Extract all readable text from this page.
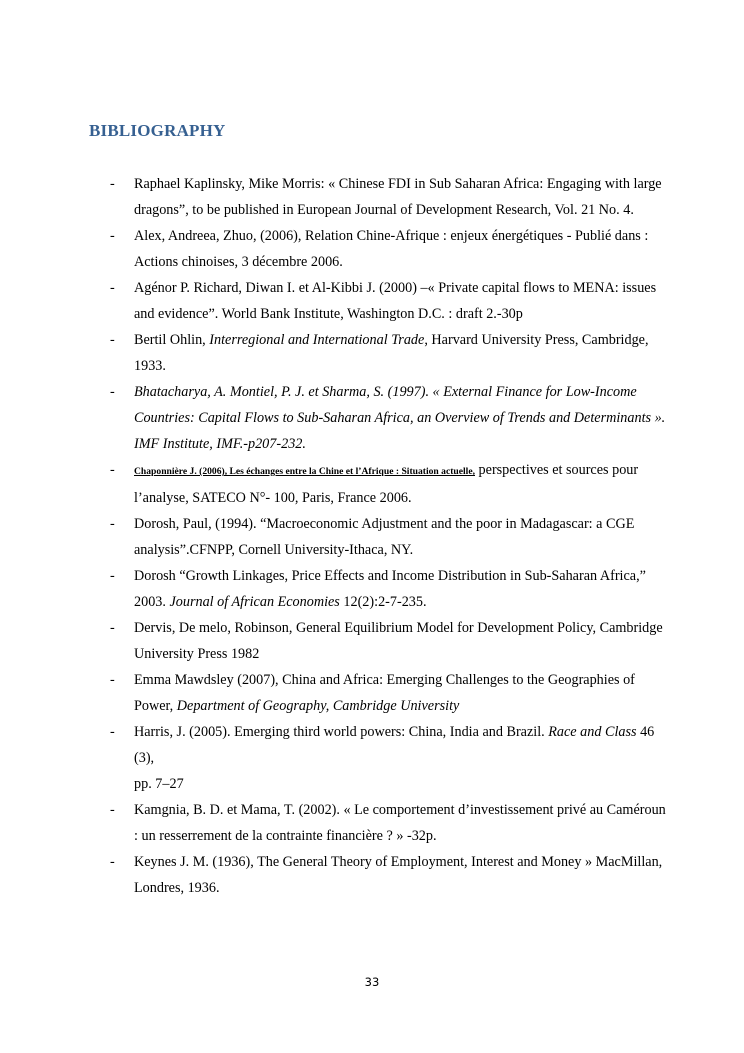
BIBLIOGRAPHY
- Raphael Kaplinsky, Mike Morris: « Chinese FDI in Sub Saharan Africa: Engaging with large dragons”, to be published in European Journal of Development Research, Vol. 21 No. 4.
- Alex, Andreea, Zhuo, (2006), Relation Chine-Afrique : enjeux énergétiques - Publié dans : Actions chinoises, 3 décembre 2006.
- Agénor P. Richard, Diwan I. et Al-Kibbi J. (2000) –« Private capital flows to MENA: issues and evidence”. World Bank Institute, Washington D.C. : draft 2.-30p
- Bertil Ohlin, Interregional and International Trade, Harvard University Press, Cambridge, 1933.
- Bhatacharya, A. Montiel, P. J. et Sharma, S. (1997). « External Finance for Low-Income Countries: Capital Flows to Sub-Saharan Africa, an Overview of Trends and Determinants ». IMF Institute, IMF.-p207-232.
- Chaponnière J. (2006), Les échanges entre la Chine et l’Afrique : Situation actuelle, perspectives et sources pour l’analyse, SATECO N°- 100, Paris, France 2006.
- Dorosh, Paul, (1994). “Macroeconomic Adjustment and the poor in Madagascar: a CGE analysis”.CFNPP, Cornell University-Ithaca, NY.
- Dorosh “Growth Linkages, Price Effects and Income Distribution in Sub-Saharan Africa,” 2003. Journal of African Economies 12(2):2-7-235.
- Dervis, De melo, Robinson, General Equilibrium Model for Development Policy, Cambridge University Press 1982
- Emma Mawdsley (2007), China and Africa: Emerging Challenges to the Geographies of Power, Department of Geography, Cambridge University
- Harris, J. (2005). Emerging third world powers: China, India and Brazil. Race and Class 46 (3),
pp. 7–27
- Kamgnia, B. D. et Mama, T. (2002). « Le comportement d’investissement privé au Caméroun : un resserrement de la contrainte financière ? » -32p.
- Keynes J. M. (1936), The General Theory of Employment, Interest and Money » MacMillan, Londres, 1936.
33
